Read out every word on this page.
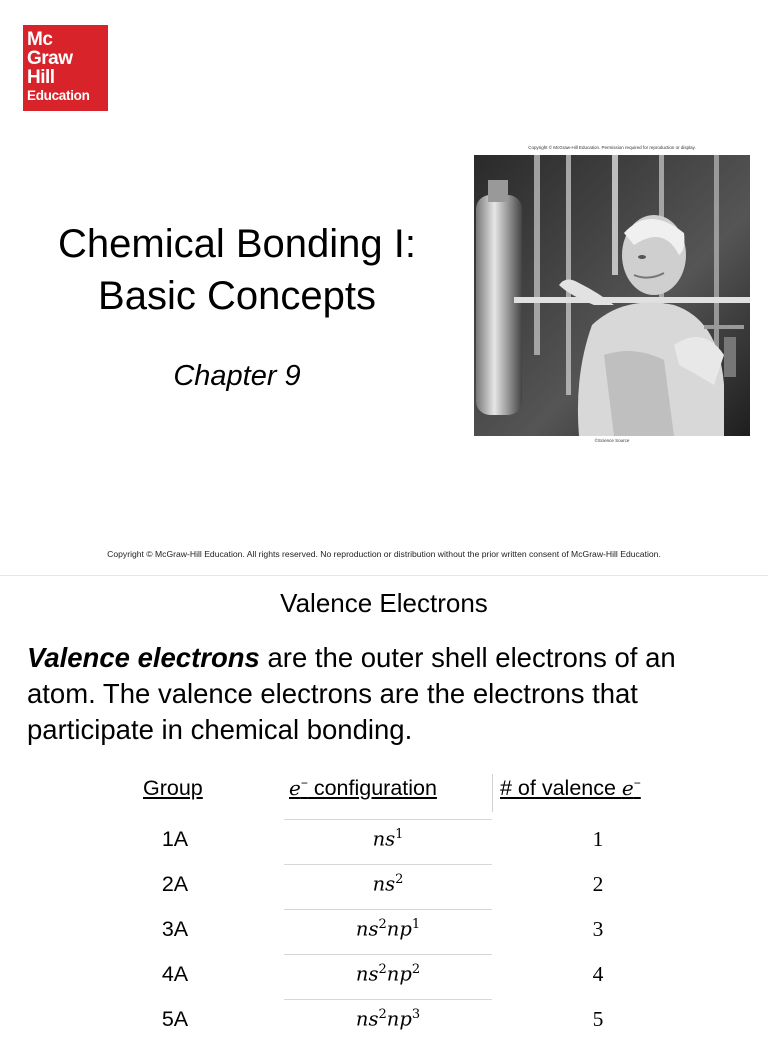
Mc
Graw
Hill
Education
Chemical Bonding I:
Basic Concepts
Chapter 9
Copyright © McGraw-Hill Education. Permission required for reproduction or display.
©Science Source
Copyright © McGraw-Hill Education. All rights reserved. No reproduction or distribution without the prior written consent of McGraw-Hill Education.
Valence Electrons
Valence electrons are the outer shell electrons of an atom. The valence electrons are the electrons that participate in chemical bonding.
Group	e− configuration	# of valence e−
1A	$ns^1$	1
2A	$ns^2$	2
3A	$ns^2np^1$	3
4A	$ns^2np^2$	4
5A	$ns^2np^3$	5
